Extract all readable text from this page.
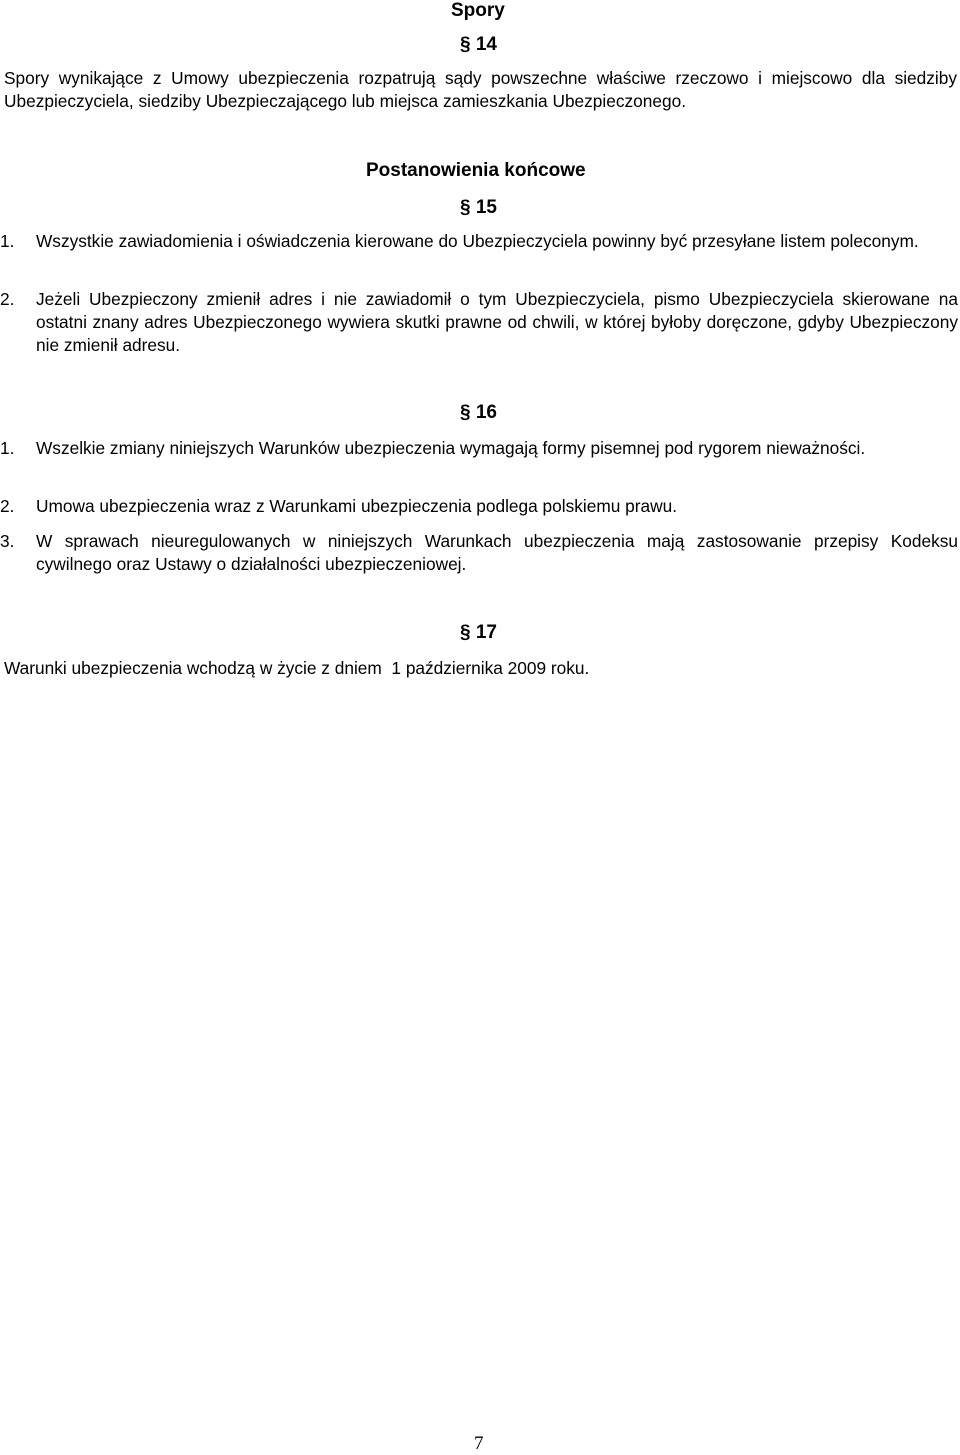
Spory
§ 14
Spory wynikające z Umowy ubezpieczenia rozpatrują sądy powszechne właściwe rzeczowo i miejscowo dla siedziby Ubezpieczyciela, siedziby Ubezpieczającego lub miejsca zamieszkania Ubezpieczonego.
Postanowienia końcowe
§ 15
1. Wszystkie zawiadomienia i oświadczenia kierowane do Ubezpieczyciela powinny być przesyłane listem poleconym.
2. Jeżeli Ubezpieczony zmienił adres i nie zawiadomił o tym Ubezpieczyciela, pismo Ubezpieczyciela skierowane na ostatni znany adres Ubezpieczonego wywiera skutki prawne od chwili, w której byłoby doręczone, gdyby Ubezpieczony nie zmienił adresu.
§ 16
1. Wszelkie zmiany niniejszych Warunków ubezpieczenia wymagają formy pisemnej pod rygorem nieważności.
2. Umowa ubezpieczenia wraz z Warunkami ubezpieczenia podlega polskiemu prawu.
3. W sprawach nieuregulowanych w niniejszych Warunkach ubezpieczenia mają zastosowanie przepisy Kodeksu cywilnego oraz Ustawy o działalności ubezpieczeniowej.
§ 17
Warunki ubezpieczenia wchodzą w życie z dniem  1 października 2009 roku.
7
